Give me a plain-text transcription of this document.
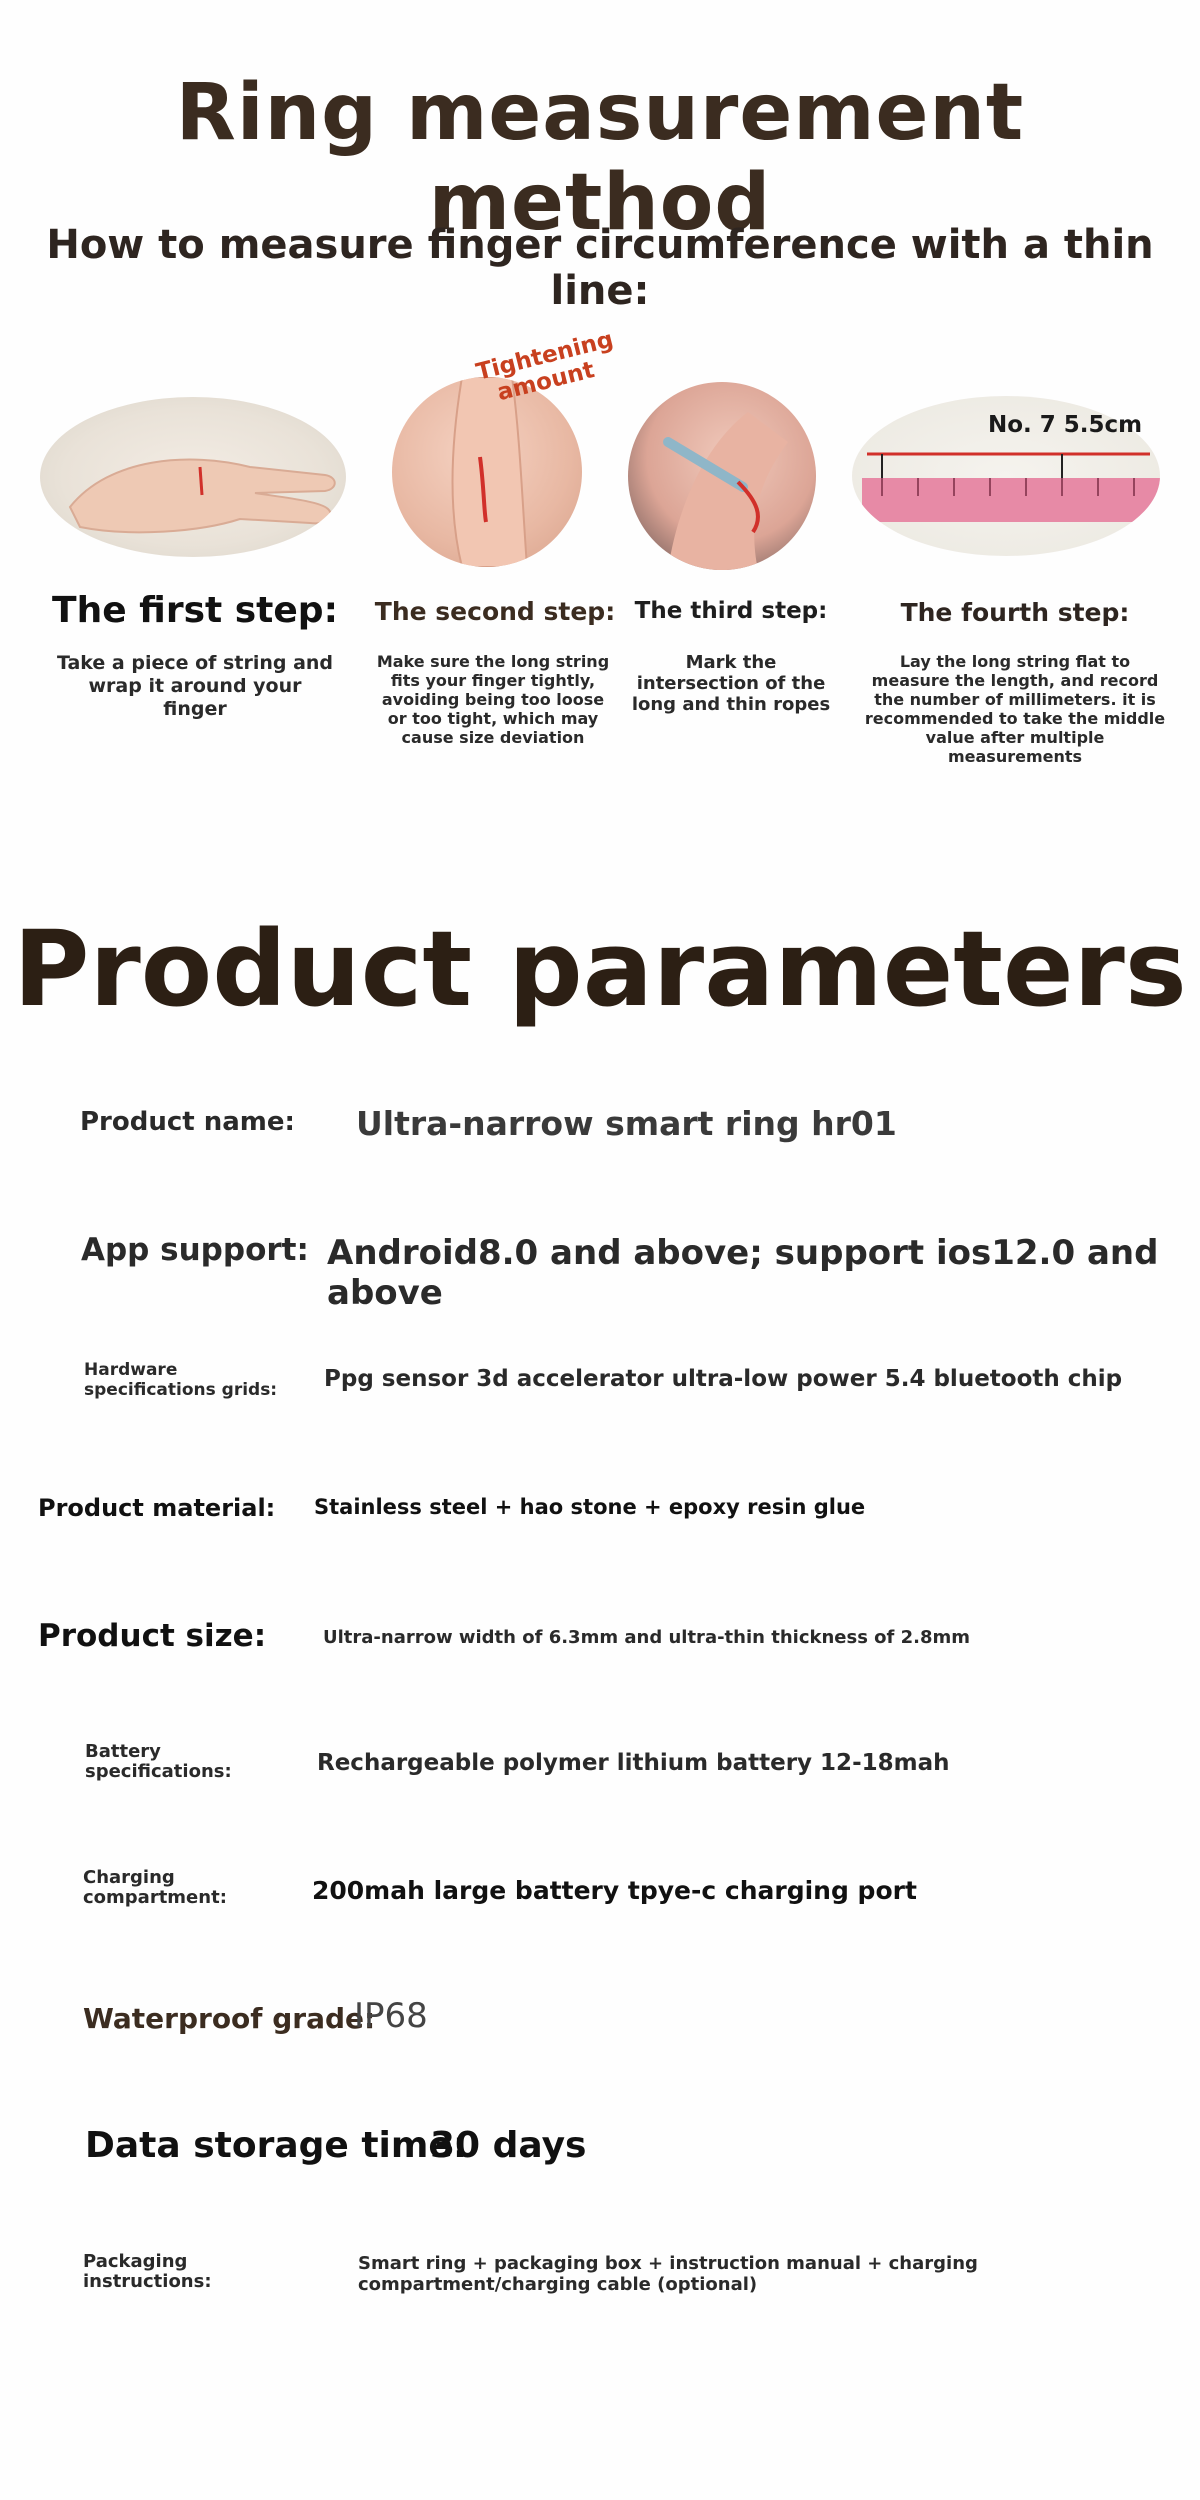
Ring measurement method
How to measure finger circumference with a thin line:
Tightening amount
No. 7 5.5cm
The first step:
Take a piece of string and wrap it around your finger
The second step:
Make sure the long string fits your finger tightly, avoiding being too loose or too tight, which may cause size deviation
The third step:
Mark the intersection of the long and thin ropes
The fourth step:
Lay the long string flat to measure the length, and record the number of millimeters. it is recommended to take the middle value after multiple measurements
Product parameters
Product name: Ultra-narrow smart ring hr01
App support: Android8.0 and above; support ios12.0 and above
Hardware specifications grids:	Ppg sensor 3d accelerator ultra-low power 5.4 bluetooth chip
Product material: Stainless steel + hao stone + epoxy resin glue
Product size:	Ultra-narrow width of 6.3mm and ultra-thin thickness of 2.8mm
Battery specifications:	Rechargeable polymer lithium battery 12-18mah
Charging compartment:	200mah large battery tpye-c charging port
Waterproof grade:
IP68
Data storage time:
30 days
Packaging instructions:
Smart ring + packaging box + instruction manual + charging compartment/charging cable (optional)
